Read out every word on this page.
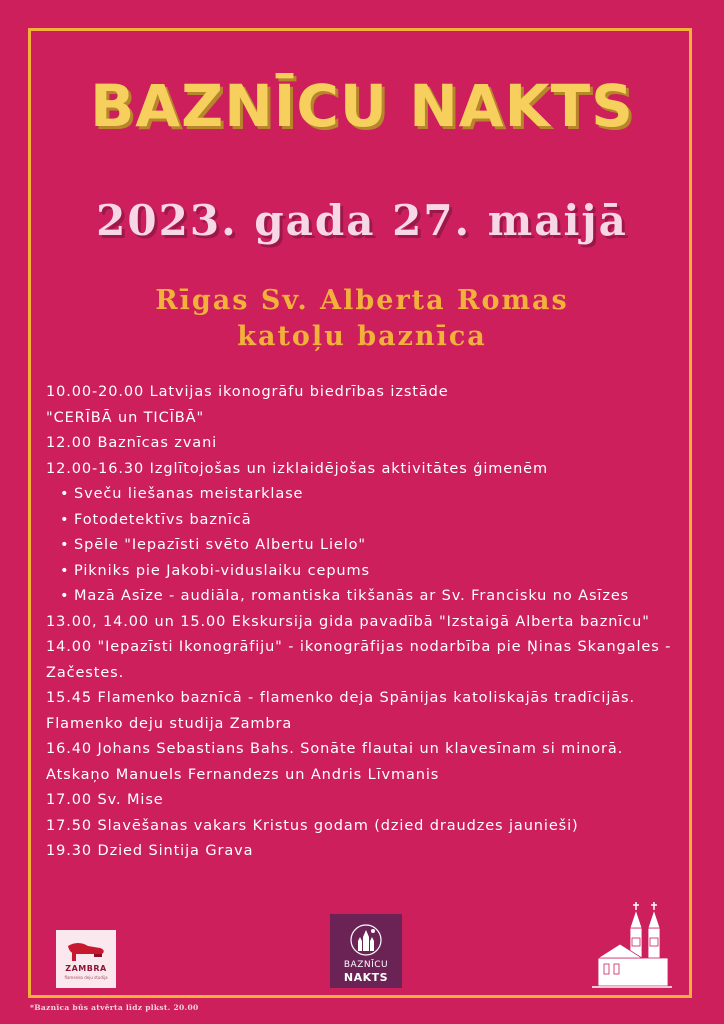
BAZNĪCU NAKTS
2023. gada 27. maijā
Rīgas Sv. Alberta Romas
katoļu baznīca
10.00-20.00 Latvijas ikonogrāfu biedrības izstāde
"CERĪBĀ un TICĪBĀ"
12.00 Baznīcas zvani
12.00-16.30 Izglītojošas un izklaidējošas aktivitātes ģimenēm
• Sveču liešanas meistarklase
• Fotodetektīvs baznīcā
• Spēle "Iepazīsti svēto Albertu Lielo"
• Pikniks pie Jakobi-viduslaiku cepums
• Mazā Asīze - audiāla, romantiska tikšanās ar Sv. Francisku no Asīzes
13.00, 14.00 un 15.00 Ekskursija gida pavadībā "Izstaigā Alberta baznīcu"
14.00 "Iepazīsti Ikonogrāfiju" - ikonogrāfijas nodarbība pie Ņinas Skangales - Začestes.
15.45 Flamenko baznīcā - flamenko deja Spānijas katoliskajās tradīcijās. Flamenko deju studija Zambra
16.40 Johans Sebastians Bahs. Sonāte flautai un klavesīnam si minorā. Atskaņo Manuels Fernandezs un Andris Līvmanis
17.00 Sv. Mise
17.50 Slavēšanas vakars Kristus godam (dzied draudzes jaunieši)
19.30 Dzied Sintija Grava
ZAMBRA
flamenko deju studija
BAZNĪCU
NAKTS
*Baznīca būs atvērta līdz plkst. 20.00
